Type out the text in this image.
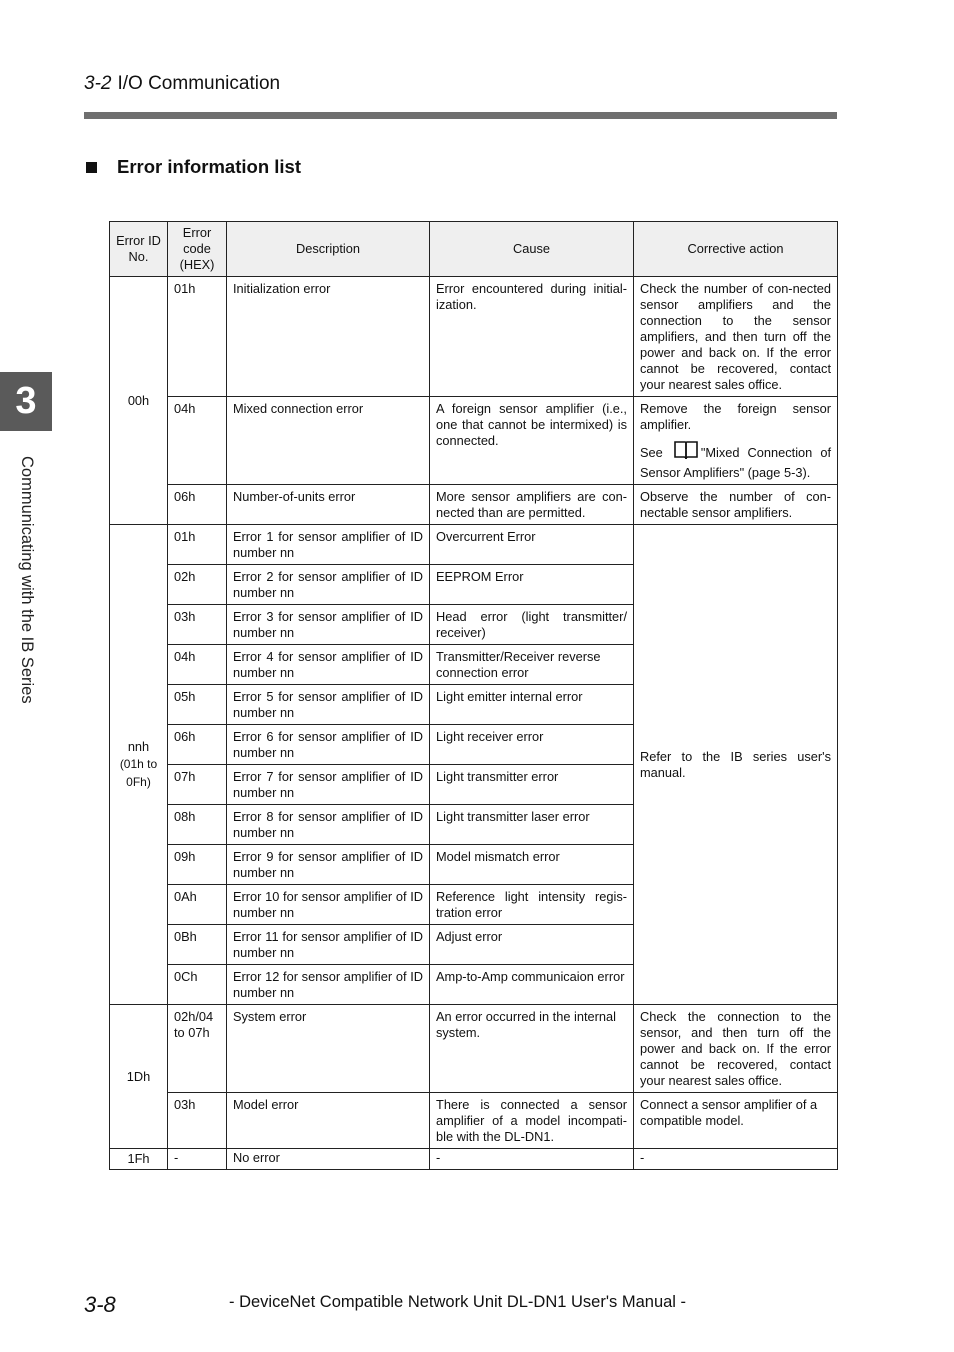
3-2 I/O Communication
Error information list
3
Communicating with the IB Series
Error ID No.	Error code (HEX)	Description	Cause	Corrective action
00h	01h	Initialization error	Error encountered during initial-ization.	Check the number of con-nected sensor amplifiers and the connection to the sensor amplifiers, and then turn off the power and back on. If the error cannot be recovered, contact your nearest sales office.
	04h	Mixed connection error	A foreign sensor amplifier (i.e., one that cannot be intermixed) is connected.	Remove the foreign sensor amplifier.
See "Mixed Connection of Sensor Amplifiers" (page 5-3).

	06h	Number-of-units error	More sensor amplifiers are con-nected than are permitted.	Observe the number of con-nectable sensor amplifiers.

nnh
(01h to 0Fh)	01h	Error 1 for sensor amplifier of ID number nn	Overcurrent Error	Refer to the IB series user's manual.
	02h	Error 2 for sensor amplifier of ID number nn	EEPROM Error	
	03h	Error 3 for sensor amplifier of ID number nn	Head error (light transmitter/ receiver)	
	04h	Error 4 for sensor amplifier of ID number nn	Transmitter/Receiver reverse connection error	
	05h	Error 5 for sensor amplifier of ID number nn	Light emitter internal error	
	06h	Error 6 for sensor amplifier of ID number nn	Light receiver error	
	07h	Error 7 for sensor amplifier of ID number nn	Light transmitter error	
	08h	Error 8 for sensor amplifier of ID number nn	Light transmitter laser error	
	09h	Error 9 for sensor amplifier of ID number nn	Model mismatch error	
	0Ah	Error 10 for sensor amplifier of ID number nn	Reference light intensity regis-tration error	
	0Bh	Error 11 for sensor amplifier of ID number nn	Adjust error	
	0Ch	Error 12 for sensor amplifier of ID number nn	Amp-to-Amp communicaion error	
1Dh	02h/04 to 07h	System error	An error occurred in the internal system.	Check the connection to the sensor, and then turn off the power and back on. If the error cannot be recovered, contact your nearest sales office.
	03h	Model error	There is connected a sensor amplifier of a model incompati-ble with the DL-DN1.	Connect a sensor amplifier of a compatible model.
1Fh	-	No error	-	-
3-8	- DeviceNet Compatible Network Unit DL-DN1 User's Manual -
